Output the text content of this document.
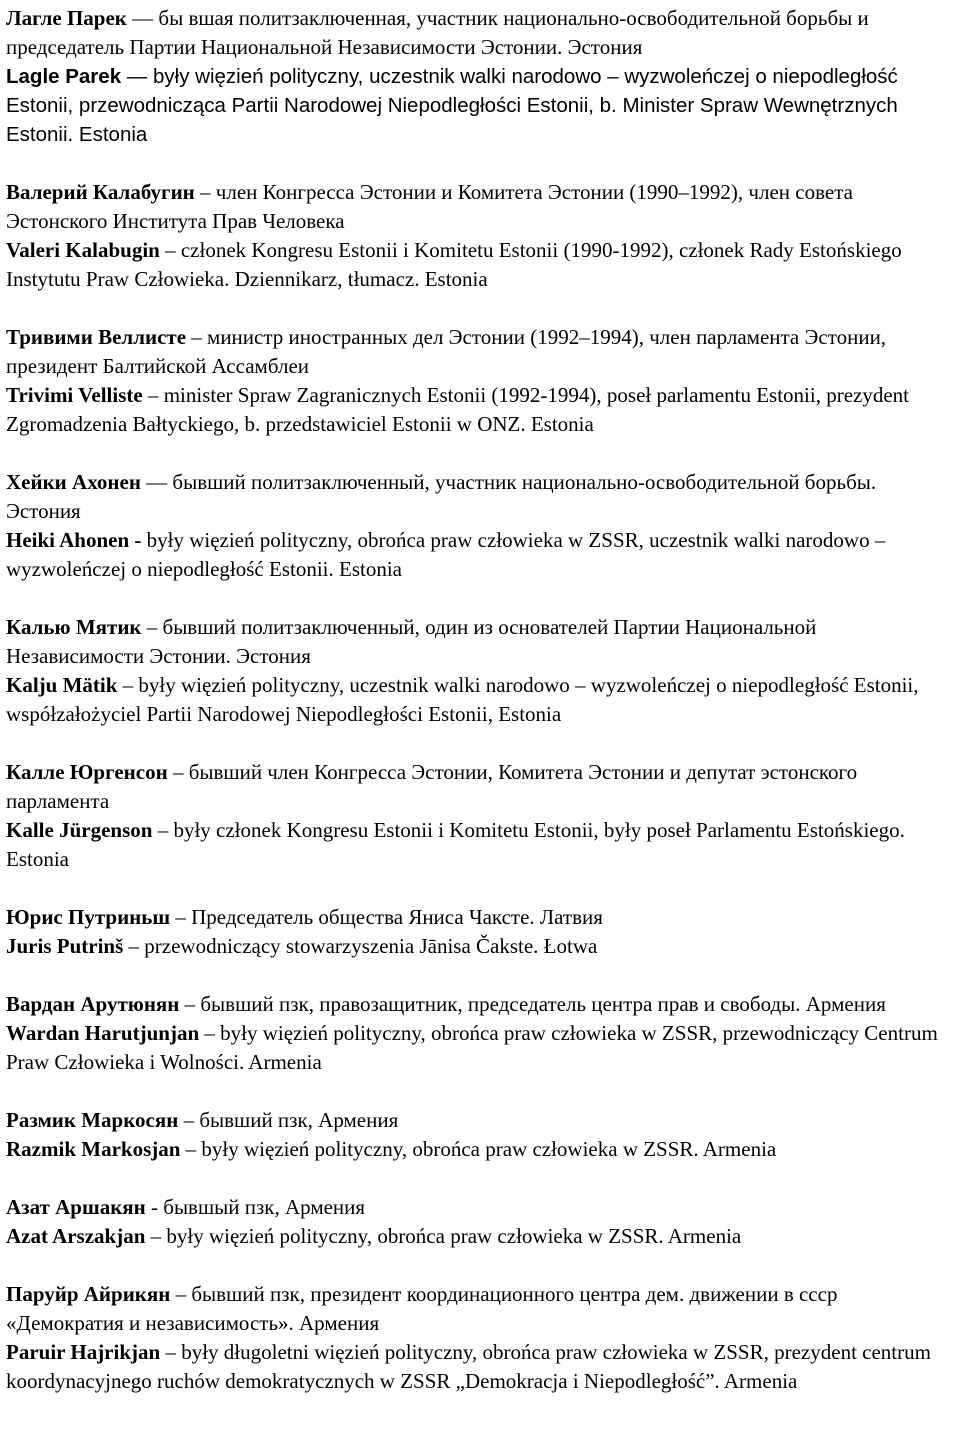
Лагле Парек — бы вшая политзаключенная, участник национально-освободительной борьбы и председатель Партии Национальной Независимости Эстонии. Эстония

Lagle Parek — były więzień polityczny, uczestnik walki narodowo – wyzwoleńczej o niepodległość Estonii, przewodnicząca Partii Narodowej Niepodległości Estonii, b. Minister Spraw Wewnętrznych Estonii. Estonia

Валерий Калабугин – член Конгресса Эстонии и Комитета Эстонии (1990–1992), член совета Эстонского Института Прав Человека

Valeri Kalabugin – członek Kongresu Estonii i Komitetu Estonii (1990-1992), członek Rady Estońskiego Instytutu Praw Człowieka. Dziennikarz, tłumacz. Estonia

Тривими Веллисте – министр иностранных дел Эстонии (1992–1994), член парламента Эстонии, президент Балтийской Ассамблеи

Trivimi Velliste – minister Spraw Zagranicznych Estonii (1992-1994), poseł parlamentu Estonii, prezydent Zgromadzenia Bałtyckiego, b. przedstawiciel Estonii w ONZ. Estonia

Хейки Ахонен — бывший политзаключенный, участник национально-освободительной борьбы. Эстония

Heiki Ahonen - były więzień polityczny, obrońca praw człowieka w ZSSR, uczestnik walki narodowo – wyzwoleńczej o niepodległość Estonii. Estonia

Калью Мятик – бывший политзаключенный, один из основателей Партии Национальной Независимости Эстонии. Эстония

Kalju Mätik – były więzień polityczny, uczestnik walki narodowo – wyzwoleńczej o niepodległość Estonii, współzałożyciel Partii Narodowej Niepodległości Estonii, Estonia

Калле Юргенсон – бывший член Конгресса Эстонии, Комитета Эстонии и депутат эстонского парламента

Kalle Jürgenson – były członek Kongresu Estonii i Komitetu Estonii, były poseł Parlamentu Estońskiego. Estonia

Юрис Путриньш – Председатель общества Яниса Чаксте. Латвия

Juris Putrinš – przewodniczący stowarzyszenia Jānisa Čakste. Łotwa

Вардан Арутюнян – бывший пзк, правозащитник, председатель центра прав и свободы. Армения

Wardan Harutjunjan – były więzień polityczny, obrońca praw człowieka w ZSSR, przewodniczący Centrum Praw Człowieka i Wolności. Armenia

Размик Маркосян – бывший пзк, Армения

Razmik Markosjan – były więzień polityczny, obrońca praw człowieka w ZSSR. Armenia

Азат Аршакян - бывшый пзк, Армения

Azat Arszakjan – były więzień polityczny, obrońca praw człowieka w ZSSR. Armenia

Паруйр Айрикян – бывший пзк, президент координационного центра дем. движении в ссср «Демократия и независимость». Армения

Paruir Hajrikjan – były długoletni więzień polityczny, obrońca praw człowieka w ZSSR, prezydent centrum koordynacyjnego ruchów demokratycznych w ZSSR „Demokracja i Niepodległość”. Armenia
